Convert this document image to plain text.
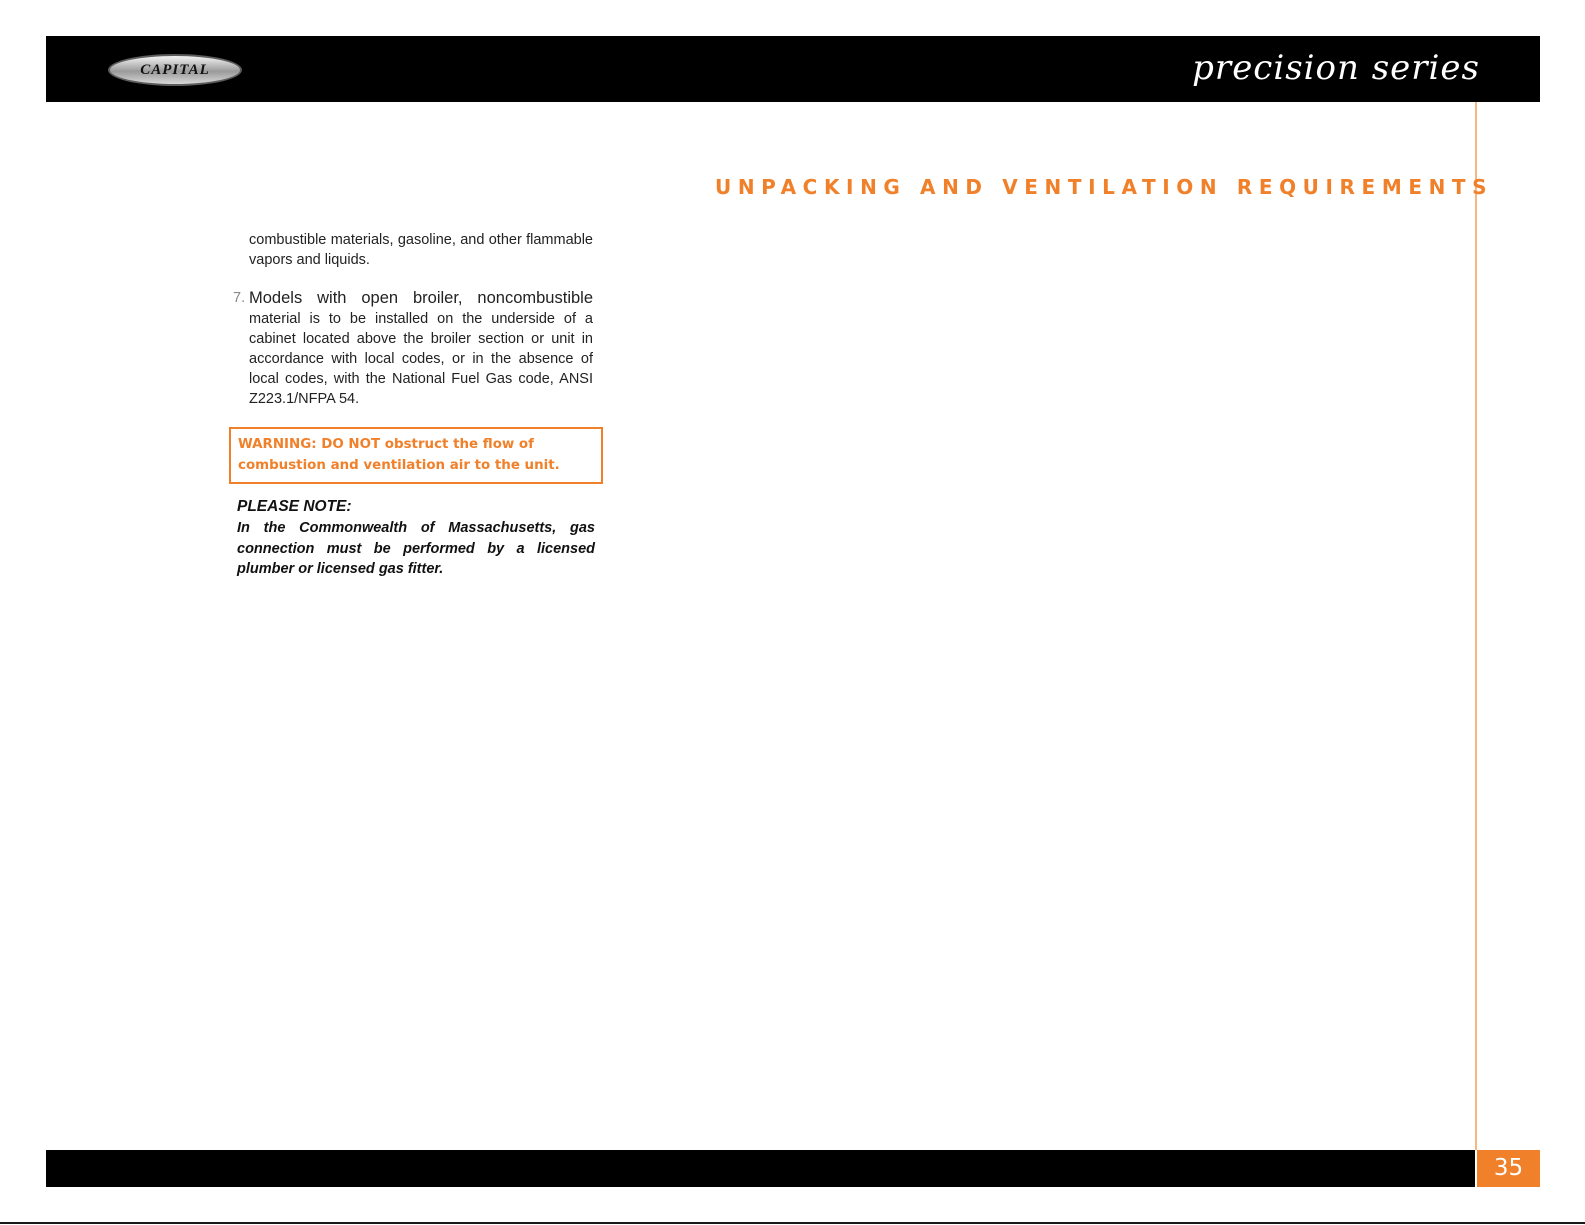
CAPITAL	precision series
UNPACKING AND VENTILATION REQUIREMENTS

combustible materials, gasoline, and other flammable vapors and liquids.

7. Models with open broiler, noncombustible material is to be installed on the underside of a cabinet located above the broiler section or unit in accordance with local codes, or in the absence of local codes, with the National Fuel Gas code, ANSI Z223.1/NFPA 54.

WARNING: DO NOT obstruct the flow of combustion and ventilation air to the unit.
PLEASE NOTE:

In the Commonwealth of Massachusetts, gas connection must be performed by a licensed plumber or licensed gas fitter.

35
